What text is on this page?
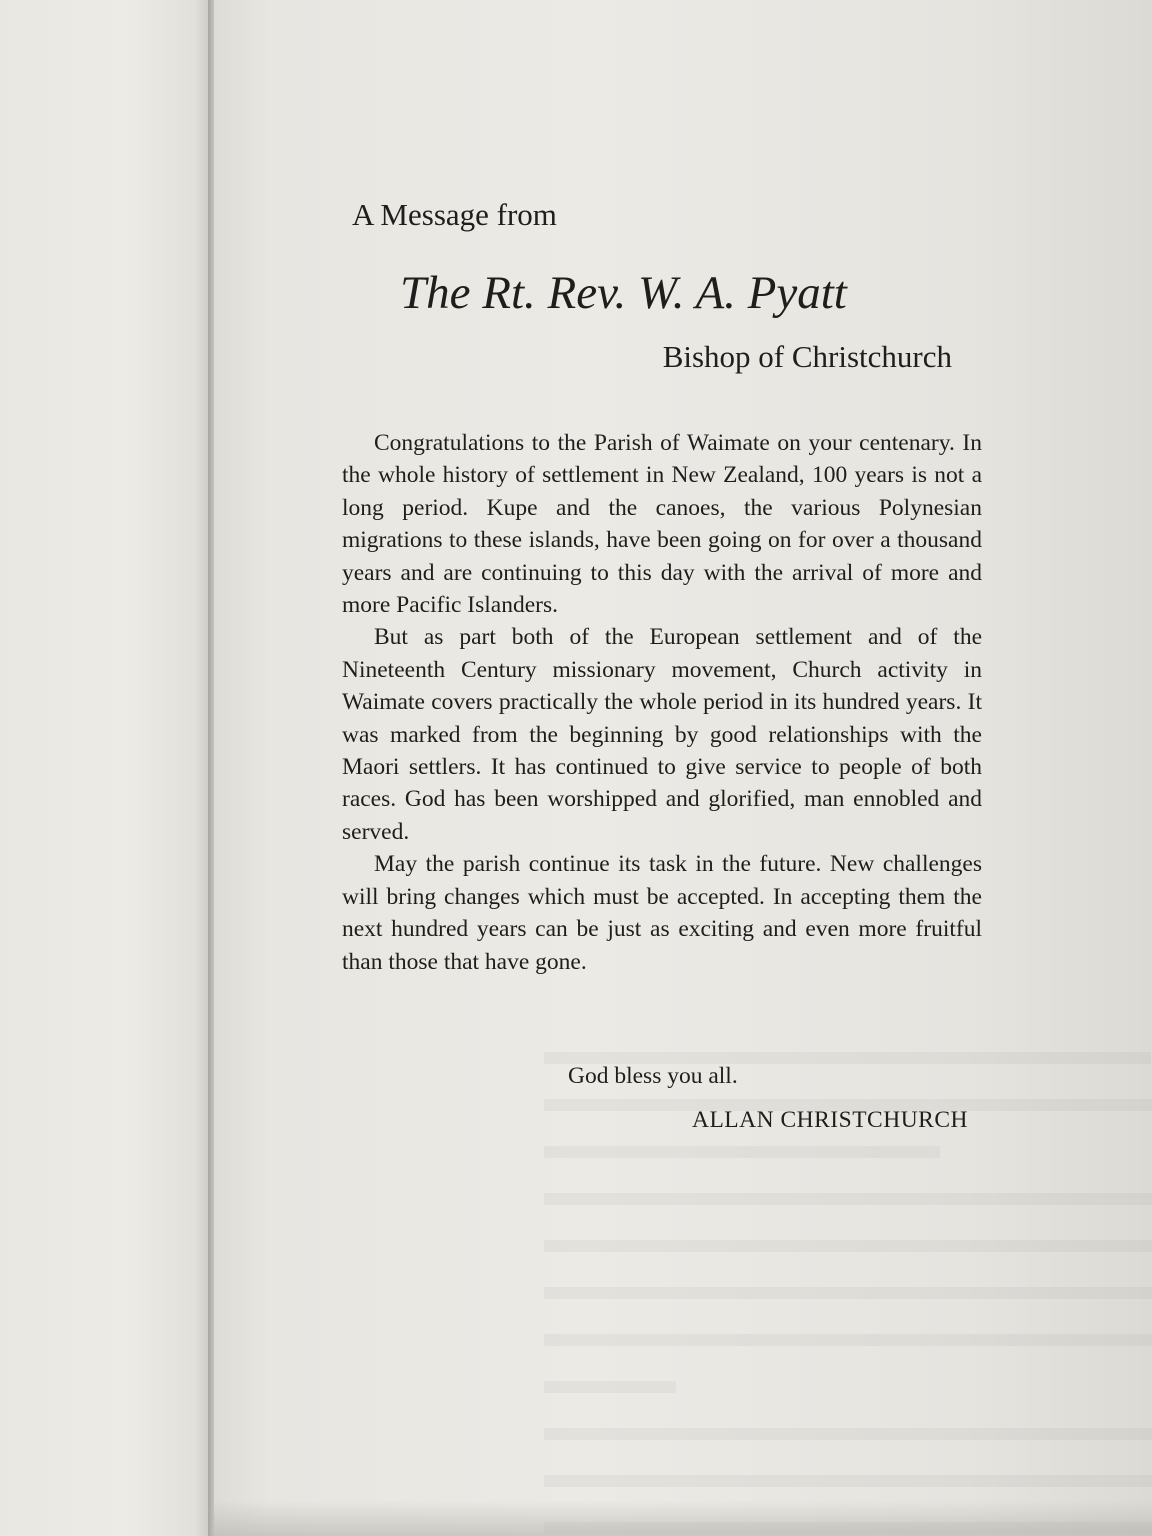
A Message from
The Rt. Rev. W. A. Pyatt
Bishop of Christchurch

Congratulations to the Parish of Waimate on your centenary. In the whole history of settlement in New Zealand, 100 years is not a long period. Kupe and the canoes, the various Polynesian migrations to these islands, have been going on for over a thousand years and are continuing to this day with the arrival of more and more Pacific Islanders.

But as part both of the European settlement and of the Nineteenth Century missionary movement, Church activity in Waimate covers practically the whole period in its hundred years. It was marked from the beginning by good relationships with the Maori settlers. It has continued to give service to people of both races. God has been worshipped and glorified, man ennobled and served.

May the parish continue its task in the future. New challenges will bring changes which must be accepted. In accepting them the next hundred years can be just as exciting and even more fruitful than those that have gone.

God bless you all.
ALLAN CHRISTCHURCH
